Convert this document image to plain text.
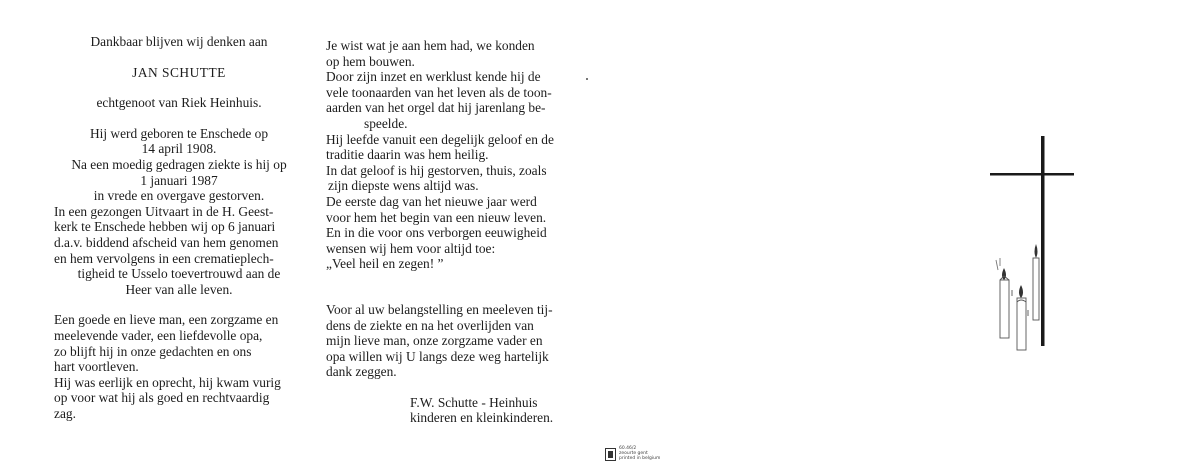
Dankbaar blijven wij denken aan
JAN SCHUTTE
echtgenoot van Riek Heinhuis.
Hij werd geboren te Enschede op
14 april 1908.
Na een moedig gedragen ziekte is hij op
1 januari 1987
in vrede en overgave gestorven.
In een gezongen Uitvaart in de H. Geest-
kerk te Enschede hebben wij op 6 januari
d.a.v. biddend afscheid van hem genomen
en hem vervolgens in een crematieplech-
tigheid te Usselo toevertrouwd aan de
Heer van alle leven.
Een goede en lieve man, een zorgzame en
meelevende vader, een liefdevolle opa,
zo blijft hij in onze gedachten en ons
hart voortleven.
Hij was eerlijk en oprecht, hij kwam vurig
op voor wat hij als goed en rechtvaardig
zag.
Je wist wat je aan hem had, we konden
op hem bouwen.
Door zijn inzet en werklust kende hij de
vele toonaarden van het leven als de toon-
aarden van het orgel dat hij jarenlang be-
speelde.
Hij leefde vanuit een degelijk geloof en de
traditie daarin was hem heilig.
In dat geloof is hij gestorven, thuis, zoals
zijn diepste wens altijd was.
De eerste dag van het nieuwe jaar werd
voor hem het begin van een nieuw leven.
En in die voor ons verborgen eeuwigheid
wensen wij hem voor altijd toe:
„Veel heil en zegen! ”
Voor al uw belangstelling en meeleven tij-
dens de ziekte en na het overlijden van
mijn lieve man, onze zorgzame vader en
opa willen wij U langs deze weg hartelijk
dank zeggen.
F.W. Schutte - Heinhuis
kinderen en kleinkinderen.
60.46/2
zeourte gent
printed in belgium
